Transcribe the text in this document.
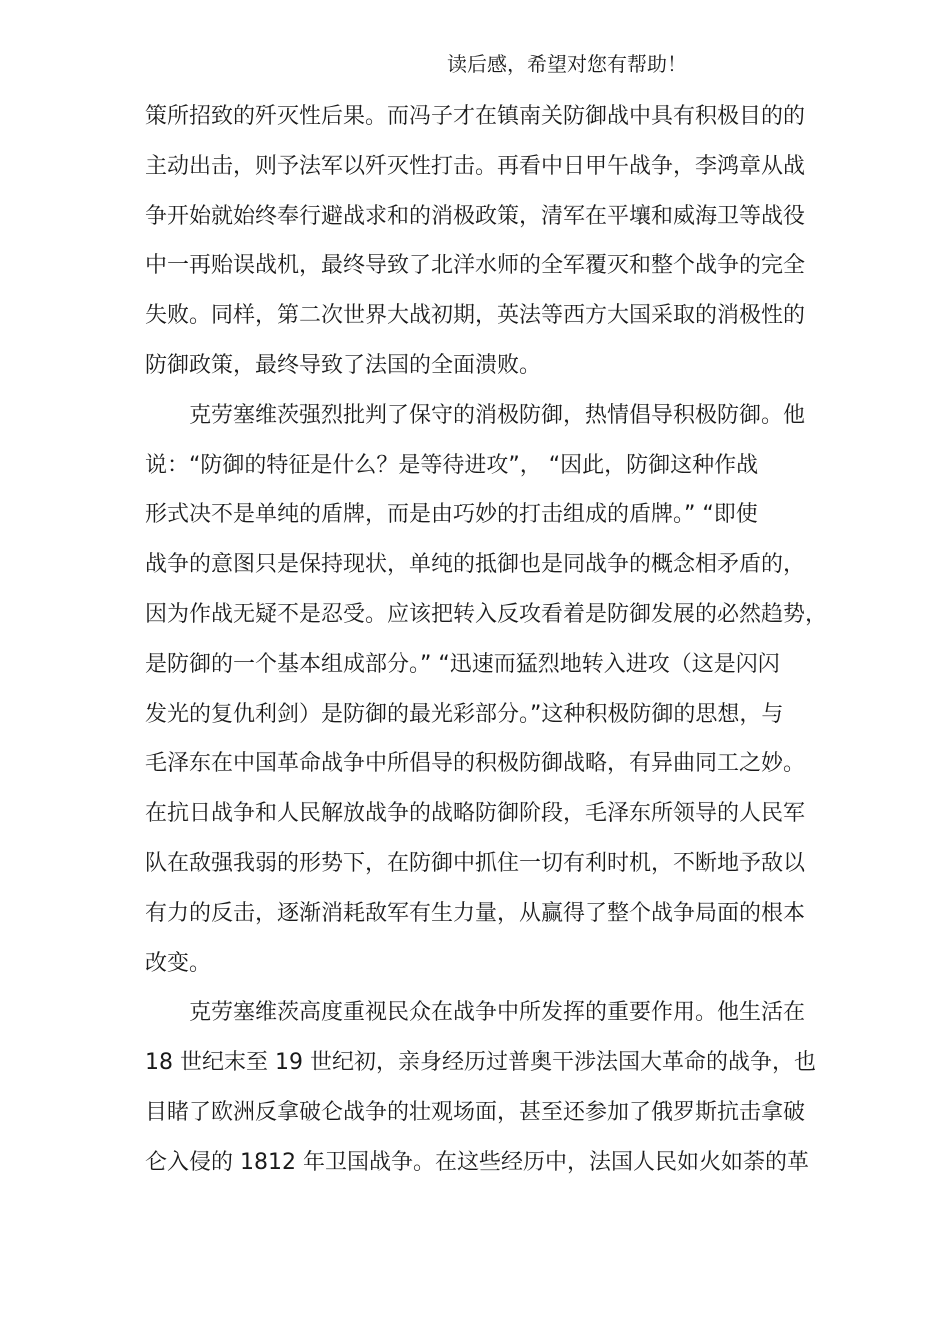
读后感，希望对您有帮助！
策所招致的歼灭性后果。而冯子才在镇南关防御战中具有积极目的的
主动出击，则予法军以歼灭性打击。再看中日甲午战争，李鸿章从战
争开始就始终奉行避战求和的消极政策，清军在平壤和威海卫等战役
中一再贻误战机，最终导致了北洋水师的全军覆灭和整个战争的完全
失败。同样，第二次世界大战初期，英法等西方大国采取的消极性的
防御政策，最终导致了法国的全面溃败。
克劳塞维茨强烈批判了保守的消极防御，热情倡导积极防御。他
说：“防御的特征是什么？是等待进攻”， “因此，防御这种作战
形式决不是单纯的盾牌，而是由巧妙的打击组成的盾牌。” “即使
战争的意图只是保持现状，单纯的抵御也是同战争的概念相矛盾的，
因为作战无疑不是忍受。应该把转入反攻看着是防御发展的必然趋势，
是防御的一个基本组成部分。” “迅速而猛烈地转入进攻（这是闪闪
发光的复仇利剑）是防御的最光彩部分。”这种积极防御的思想，与
毛泽东在中国革命战争中所倡导的积极防御战略，有异曲同工之妙。
在抗日战争和人民解放战争的战略防御阶段，毛泽东所领导的人民军
队在敌强我弱的形势下，在防御中抓住一切有利时机，不断地予敌以
有力的反击，逐渐消耗敌军有生力量，从赢得了整个战争局面的根本
改变。
克劳塞维茨高度重视民众在战争中所发挥的重要作用。他生活在
18 世纪末至 19 世纪初，亲身经历过普奥干涉法国大革命的战争，也
目睹了欧洲反拿破仑战争的壮观场面，甚至还参加了俄罗斯抗击拿破
仑入侵的 1812 年卫国战争。在这些经历中，法国人民如火如荼的革
